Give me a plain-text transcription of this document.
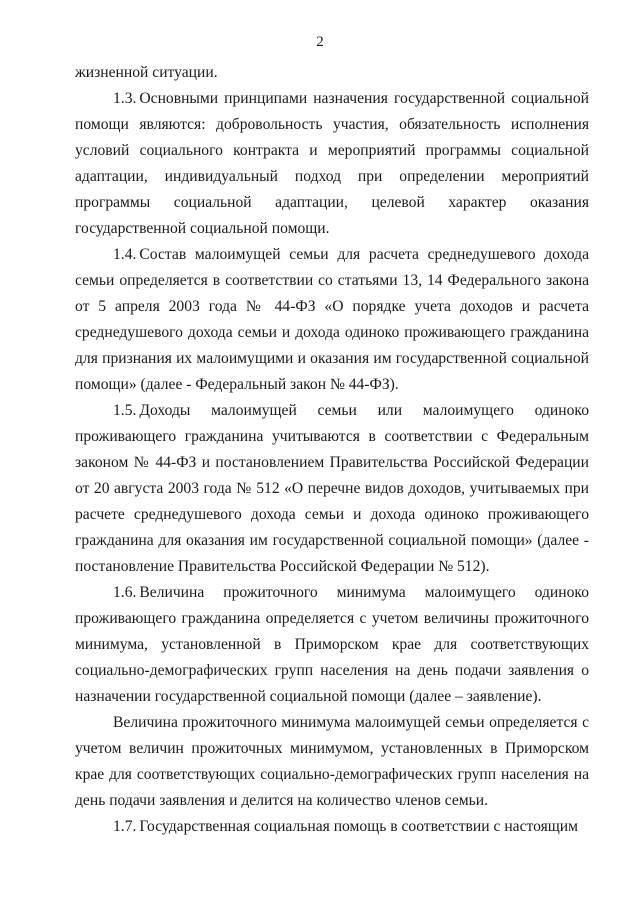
2

жизненной ситуации.

1.3. Основными принципами назначения государственной социальной помощи являются: добровольность участия, обязательность исполнения условий социального контракта и мероприятий программы социальной адаптации, индивидуальный подход при определении мероприятий программы социальной адаптации, целевой характер оказания государственной социальной помощи.

1.4. Состав малоимущей семьи для расчета среднедушевого дохода семьи определяется в соответствии со статьями 13, 14 Федерального закона от 5 апреля 2003 года № 44-ФЗ «О порядке учета доходов и расчета среднедушевого дохода семьи и дохода одиноко проживающего гражданина для признания их малоимущими и оказания им государственной социальной помощи» (далее - Федеральный закон № 44-ФЗ).

1.5. Доходы малоимущей семьи или малоимущего одиноко проживающего гражданина учитываются в соответствии с Федеральным законом № 44-ФЗ и постановлением Правительства Российской Федерации от 20 августа 2003 года № 512 «О перечне видов доходов, учитываемых при расчете среднедушевого дохода семьи и дохода одиноко проживающего гражданина для оказания им государственной социальной помощи» (далее - постановление Правительства Российской Федерации № 512).

1.6. Величина прожиточного минимума малоимущего одиноко проживающего гражданина определяется с учетом величины прожиточного минимума, установленной в Приморском крае для соответствующих социально-демографических групп населения на день подачи заявления о назначении государственной социальной помощи (далее – заявление).

Величина прожиточного минимума малоимущей семьи определяется с учетом величин прожиточных минимумом, установленных в Приморском крае для соответствующих социально-демографических групп населения на день подачи заявления и делится на количество членов семьи.

1.7. Государственная социальная помощь в соответствии с настоящим
